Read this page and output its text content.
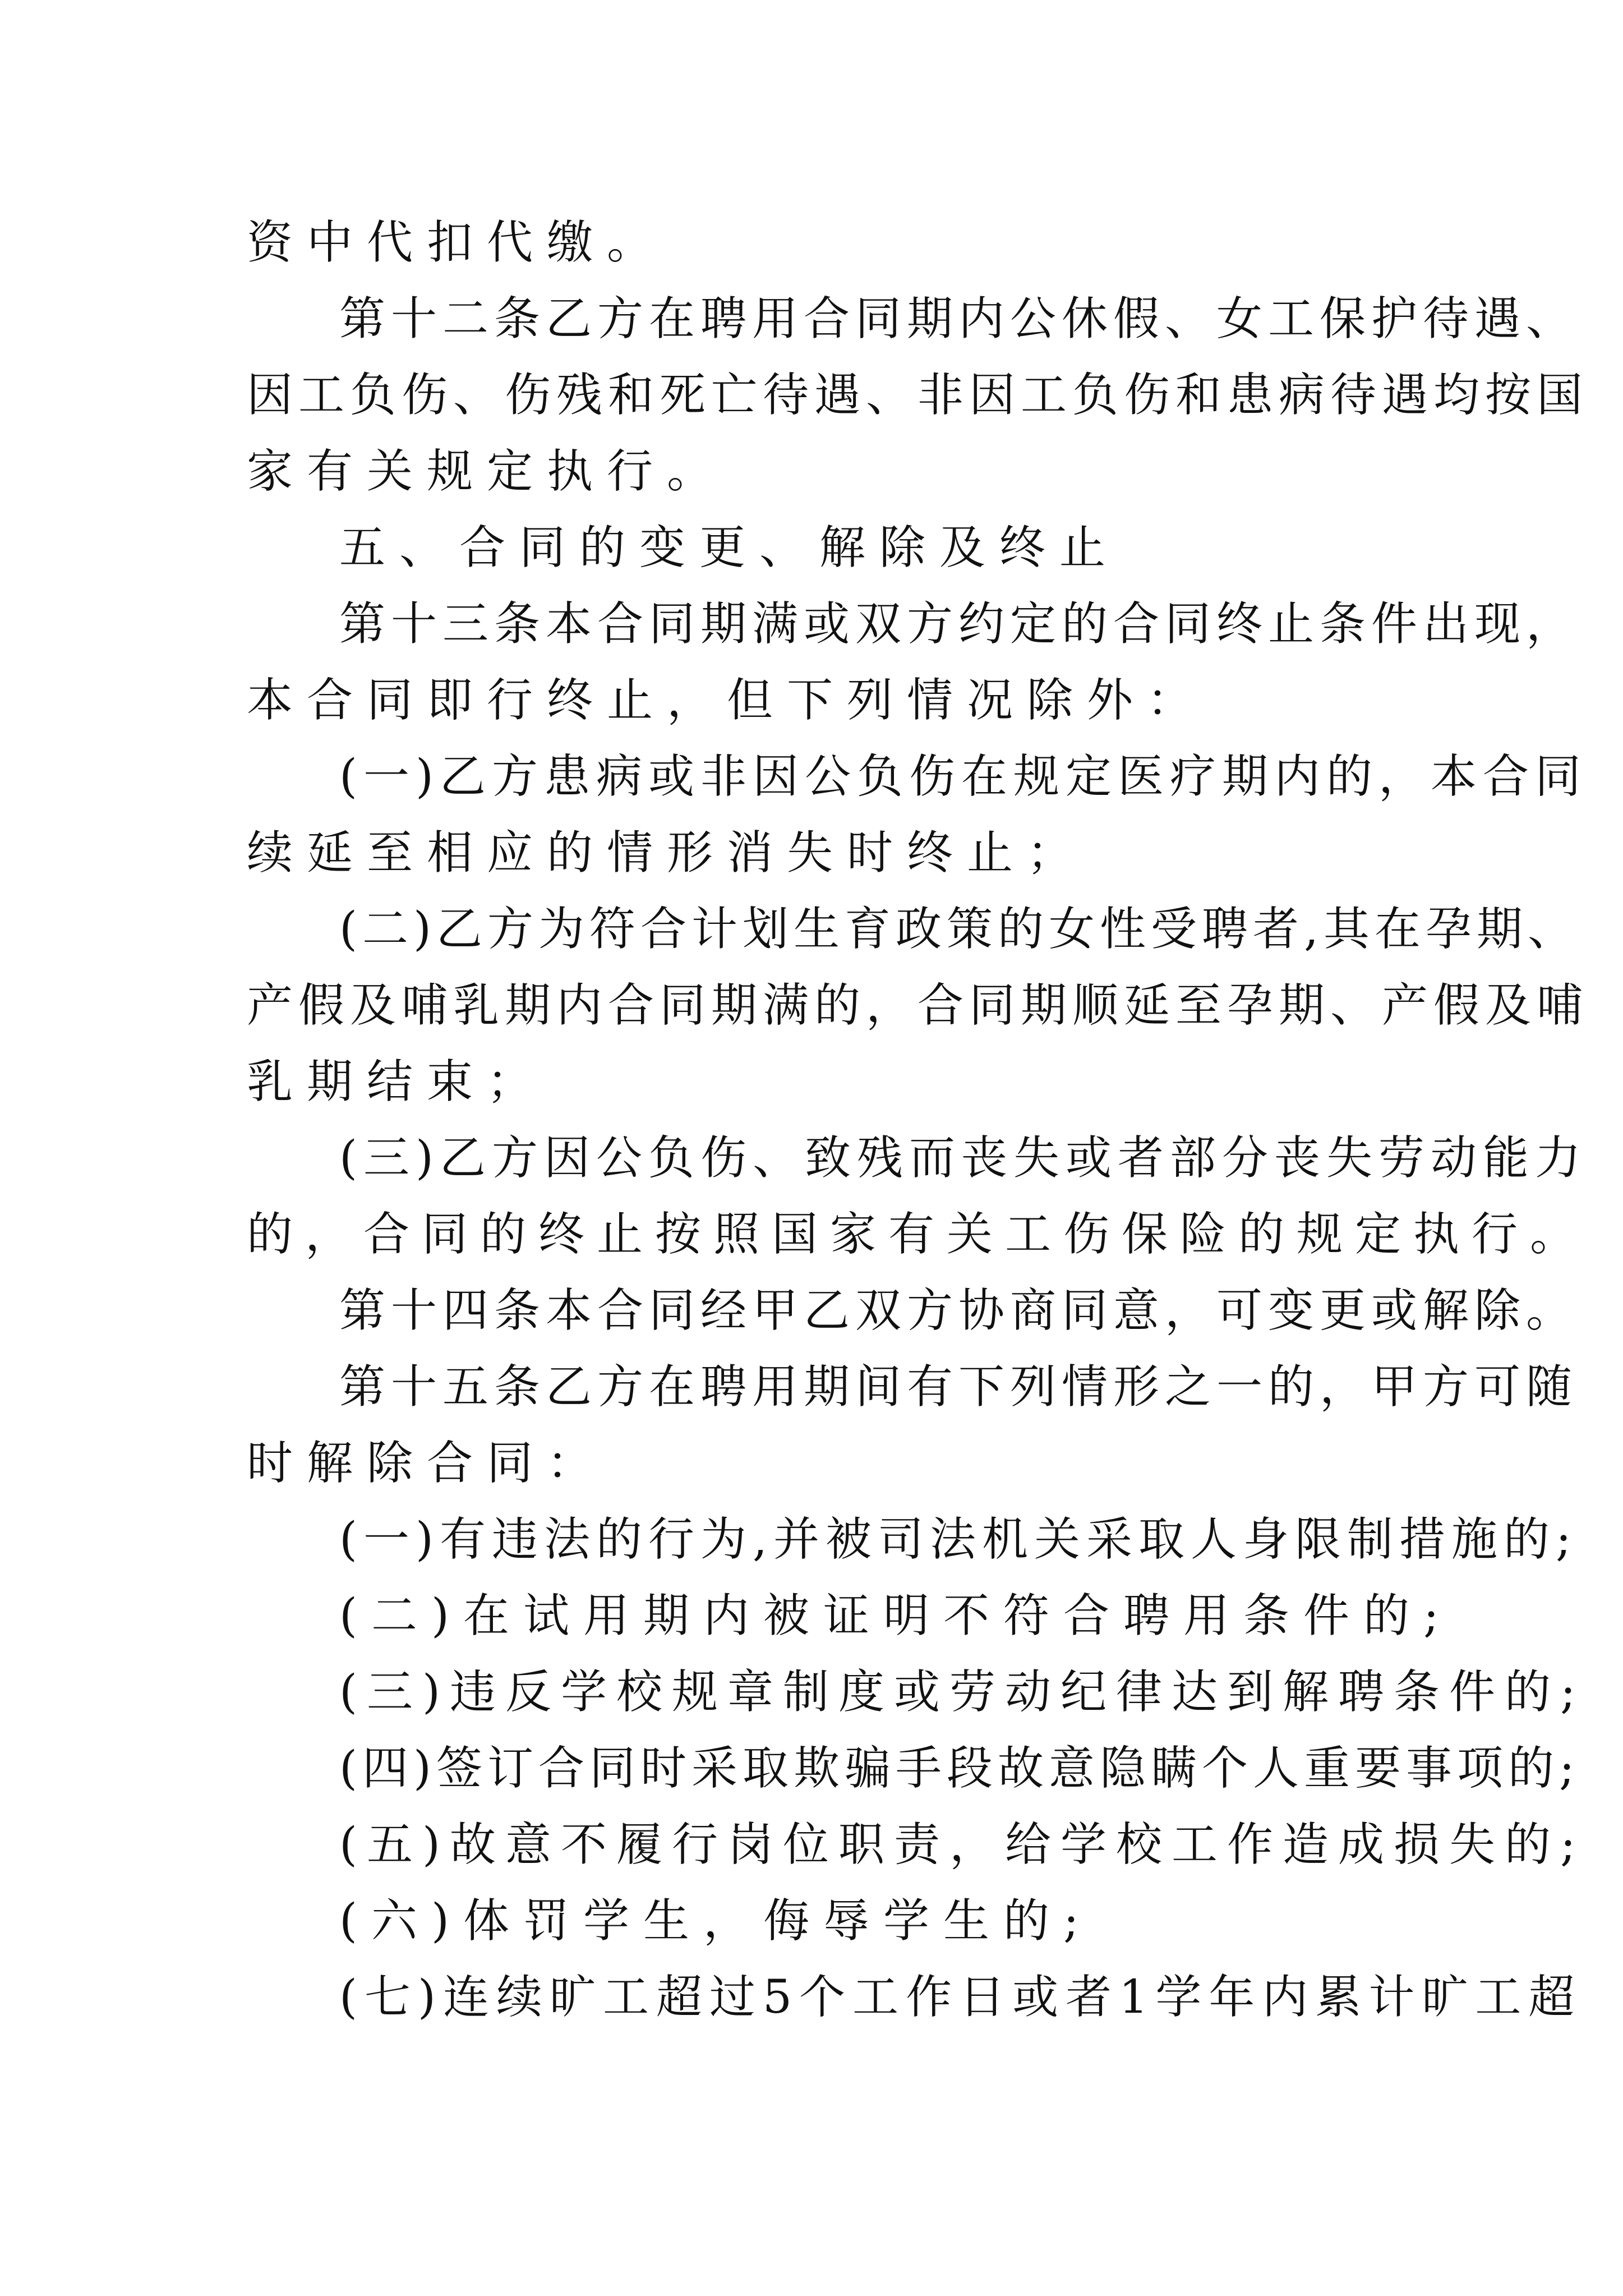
资中代扣代缴。

第十二条乙方在聘用合同期内公休假、女工保护待遇、

因工负伤、伤残和死亡待遇、非因工负伤和患病待遇均按国

家有关规定执行。

五、合同的变更、解除及终止

第十三条本合同期满或双方约定的合同终止条件出现，

本合同即行终止，但下列情况除外：

(一)乙方患病或非因公负伤在规定医疗期内的，本合同

续延至相应的情形消失时终止；

(二)乙方为符合计划生育政策的女性受聘者,其在孕期、

产假及哺乳期内合同期满的，合同期顺延至孕期、产假及哺

乳期结束；

(三)乙方因公负伤、致残而丧失或者部分丧失劳动能力

的，合同的终止按照国家有关工伤保险的规定执行。

第十四条本合同经甲乙双方协商同意，可变更或解除。

第十五条乙方在聘用期间有下列情形之一的，甲方可随

时解除合同：

(一)有违法的行为,并被司法机关采取人身限制措施的;

(二)在试用期内被证明不符合聘用条件的;

(三)违反学校规章制度或劳动纪律达到解聘条件的;

(四)签订合同时采取欺骗手段故意隐瞒个人重要事项的;

(五)故意不履行岗位职责，给学校工作造成损失的;

(六)体罚学生，侮辱学生的;

(七)连续旷工超过5个工作日或者1学年内累计旷工超
